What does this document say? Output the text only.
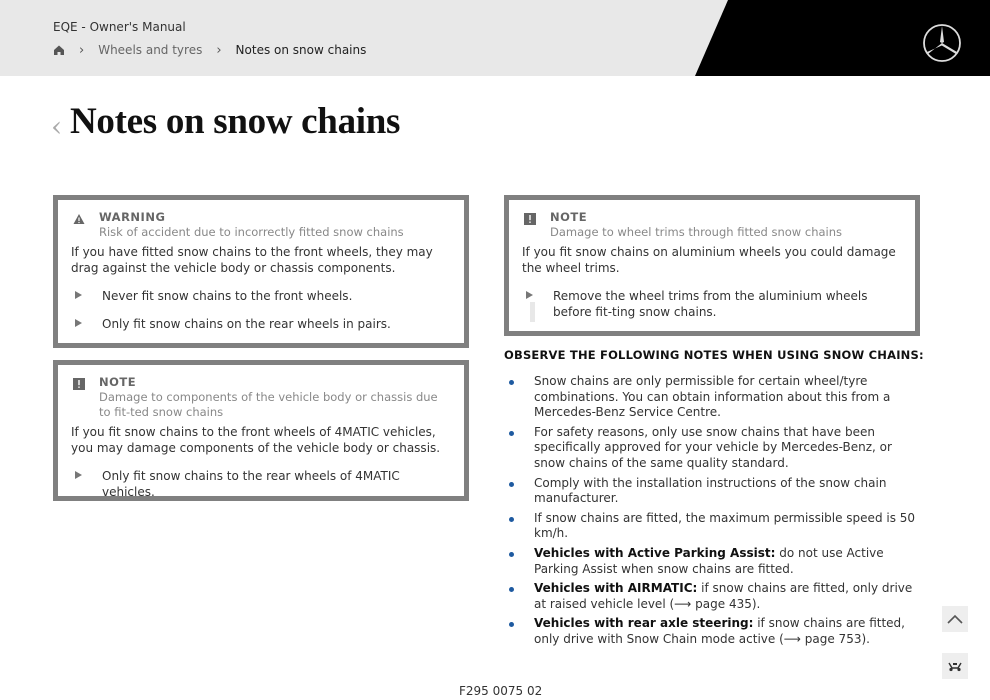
EQE - Owner's Manual
› Wheels and tyres › Notes on snow chains
‹ Notes on snow chains
WARNING
Risk of accident due to incorrectly fitted snow chains
If you have fitted snow chains to the front wheels, they may drag against the vehicle body or chassis components.
Never fit snow chains to the front wheels.
Only fit snow chains on the rear wheels in pairs.
NOTE
Damage to components of the vehicle body or chassis due to fit-ted snow chains
If you fit snow chains to the front wheels of 4MATIC vehicles, you may damage components of the vehicle body or chassis.
Only fit snow chains to the rear wheels of 4MATIC vehicles.
NOTE
Damage to wheel trims through fitted snow chains
If you fit snow chains on aluminium wheels you could damage the wheel trims.
Remove the wheel trims from the aluminium wheels before fit-ting snow chains.
OBSERVE THE FOLLOWING NOTES WHEN USING SNOW CHAINS:
Snow chains are only permissible for certain wheel/tyre combinations. You can obtain information about this from a Mercedes-Benz Service Centre.
For safety reasons, only use snow chains that have been specifically approved for your vehicle by Mercedes-Benz, or snow chains of the same quality standard.
Comply with the installation instructions of the snow chain manufacturer.
If snow chains are fitted, the maximum permissible speed is 50 km/h.
Vehicles with Active Parking Assist: do not use Active Parking Assist when snow chains are fitted.
Vehicles with AIRMATIC: if snow chains are fitted, only drive at raised vehicle level (⟶ page 435).
Vehicles with rear axle steering: if snow chains are fitted, only drive with Snow Chain mode active (⟶ page 753).
F295 0075 02
